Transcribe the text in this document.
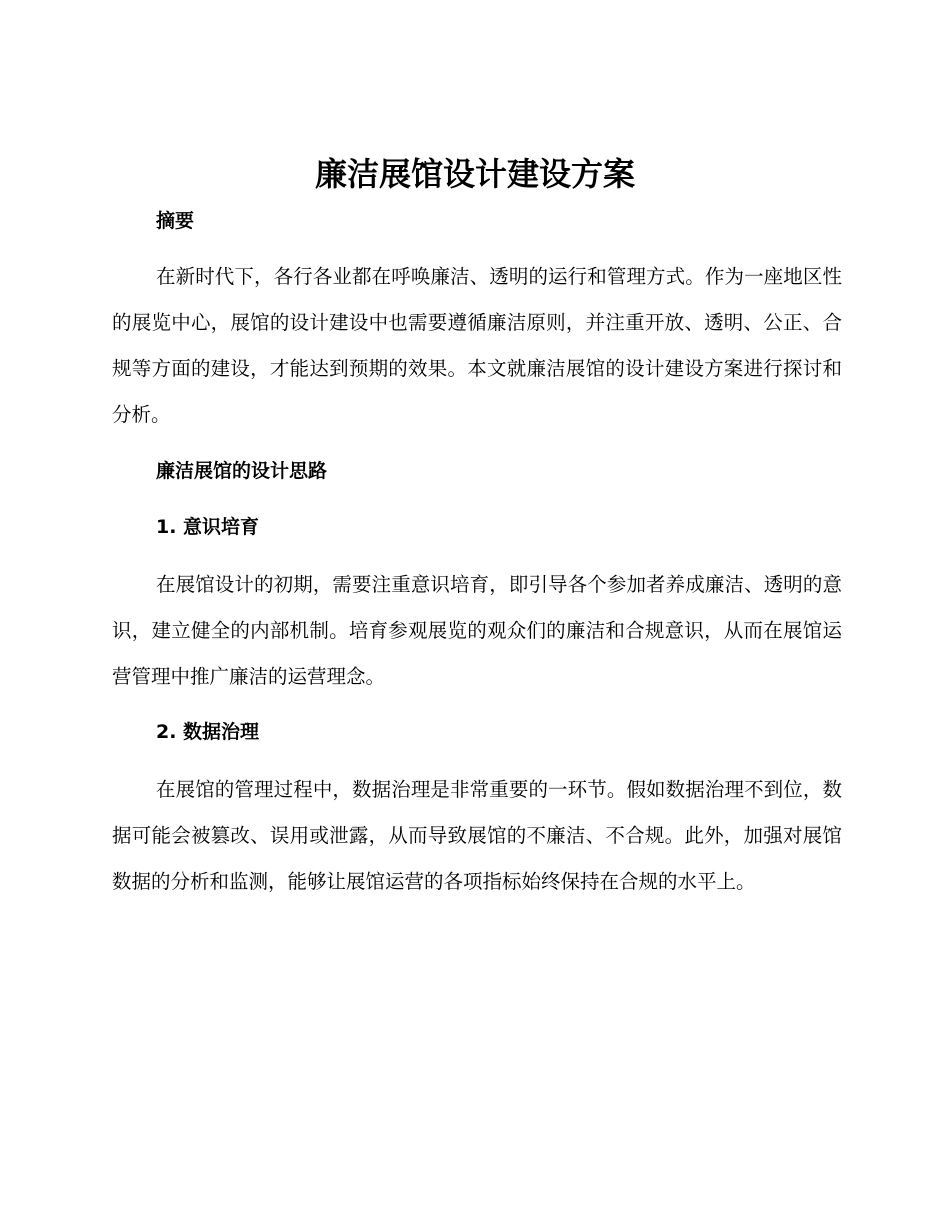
廉洁展馆设计建设方案
摘要

在新时代下，各行各业都在呼唤廉洁、透明的运行和管理方式。作为一座地区性的展览中心，展馆的设计建设中也需要遵循廉洁原则，并注重开放、透明、公正、合规等方面的建设，才能达到预期的效果。本文就廉洁展馆的设计建设方案进行探讨和分析。

廉洁展馆的设计思路
1. 意识培育

在展馆设计的初期，需要注重意识培育，即引导各个参加者养成廉洁、透明的意识，建立健全的内部机制。培育参观展览的观众们的廉洁和合规意识，从而在展馆运营管理中推广廉洁的运营理念。

2. 数据治理

在展馆的管理过程中，数据治理是非常重要的一环节。假如数据治理不到位，数据可能会被篡改、误用或泄露，从而导致展馆的不廉洁、不合规。此外，加强对展馆数据的分析和监测，能够让展馆运营的各项指标始终保持在合规的水平上。
